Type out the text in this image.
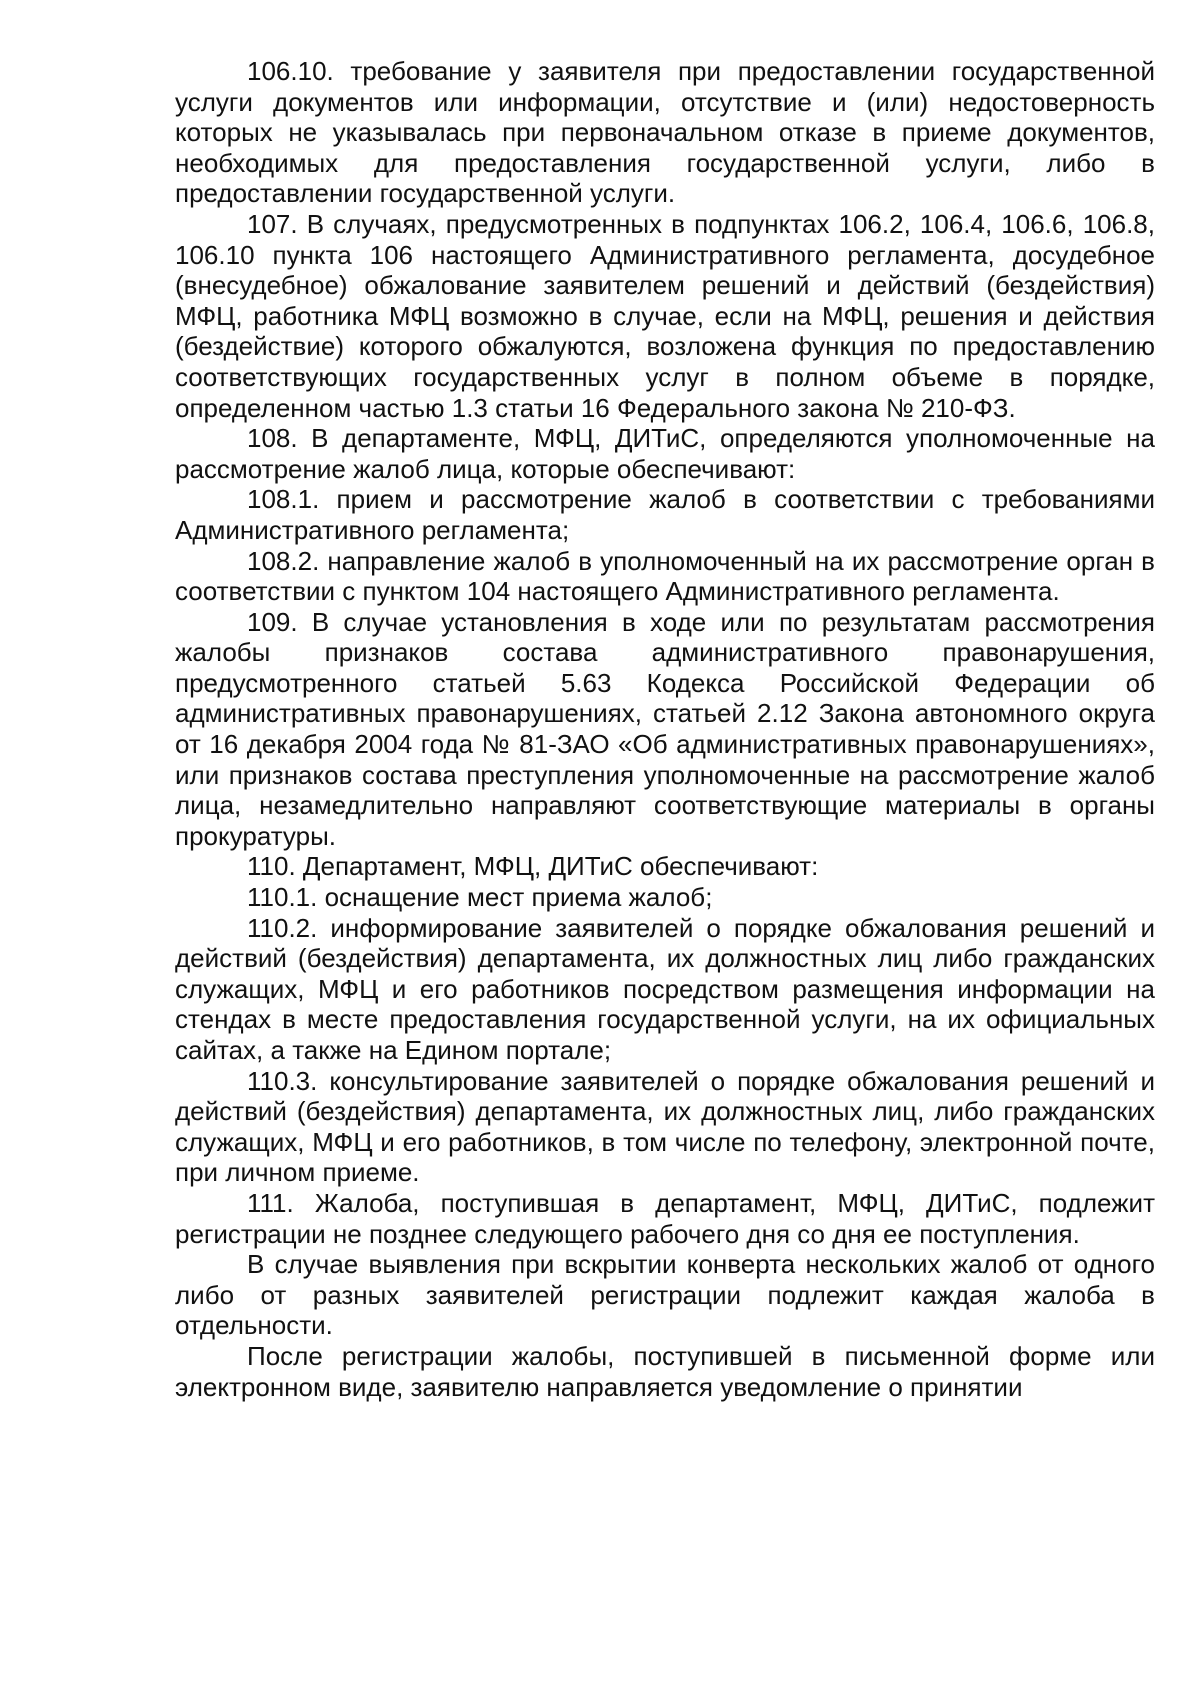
106.10. требование у заявителя при предоставлении государственной услуги документов или информации, отсутствие и (или) недостоверность которых не указывалась при первоначальном отказе в приеме документов, необходимых для предоставления государственной услуги, либо в предоставлении государственной услуги.

107. В случаях, предусмотренных в подпунктах 106.2, 106.4, 106.6, 106.8, 106.10 пункта 106 настоящего Административного регламента, досудебное (внесудебное) обжалование заявителем решений и действий (бездействия) МФЦ, работника МФЦ возможно в случае, если на МФЦ, решения и действия (бездействие) которого обжалуются, возложена функция по предоставлению соответствующих государственных услуг в полном объеме в порядке, определенном частью 1.3 статьи 16 Федерального закона № 210-ФЗ.

108. В департаменте, МФЦ, ДИТиС, определяются уполномоченные на рассмотрение жалоб лица, которые обеспечивают:

108.1. прием и рассмотрение жалоб в соответствии с требованиями Административного регламента;

108.2. направление жалоб в уполномоченный на их рассмотрение орган в соответствии с пунктом 104 настоящего Административного регламента.

109. В случае установления в ходе или по результатам рассмотрения жалобы признаков состава административного правонарушения, предусмотренного статьей 5.63 Кодекса Российской Федерации об административных правонарушениях, статьей 2.12 Закона автономного округа от 16 декабря 2004 года № 81-ЗАО «Об административных правонарушениях», или признаков состава преступления уполномоченные на рассмотрение жалоб лица, незамедлительно направляют соответствующие материалы в органы прокуратуры.

110. Департамент, МФЦ, ДИТиС обеспечивают:

110.1. оснащение мест приема жалоб;

110.2. информирование заявителей о порядке обжалования решений и действий (бездействия) департамента, их должностных лиц либо гражданских служащих, МФЦ и его работников посредством размещения информации на стендах в месте предоставления государственной услуги, на их официальных сайтах, а также на Едином портале;

110.3. консультирование заявителей о порядке обжалования решений и действий (бездействия) департамента, их должностных лиц, либо гражданских служащих, МФЦ и его работников, в том числе по телефону, электронной почте, при личном приеме.

111. Жалоба, поступившая в департамент, МФЦ, ДИТиС, подлежит регистрации не позднее следующего рабочего дня со дня ее поступления.

В случае выявления при вскрытии конверта нескольких жалоб от одного либо от разных заявителей регистрации подлежит каждая жалоба в отдельности.

После регистрации жалобы, поступившей в письменной форме или электронном виде, заявителю направляется уведомление о принятии
